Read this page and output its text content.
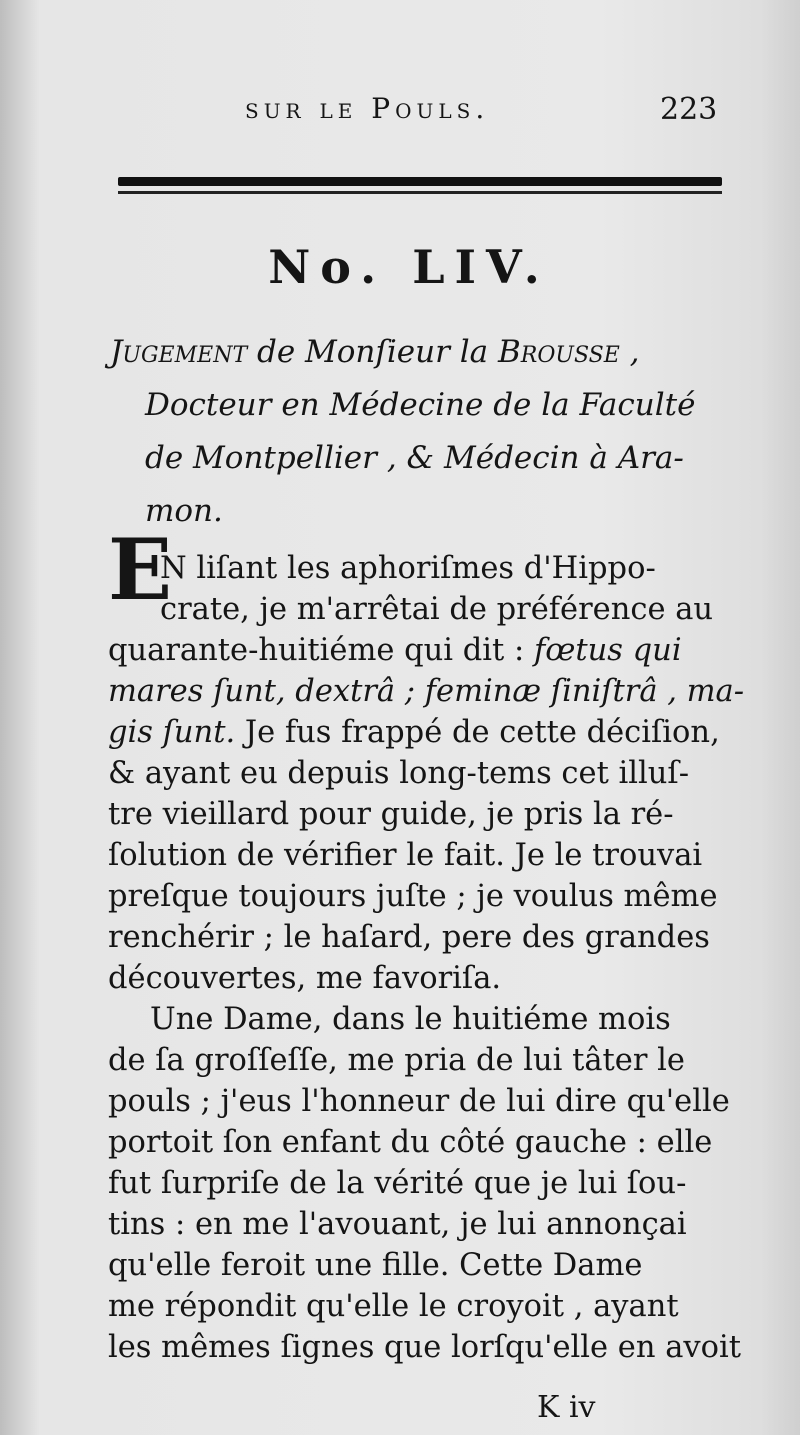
sur le Pouls.	223
No. LIV.
Jugement de Monſieur la Brousse ,
Docteur en Médecine de la Faculté
de Montpellier , & Médecin à Ara-
mon.
E
N liſant les aphoriſmes d'Hippo-
crate, je m'arrêtai de préférence au
quarante-huitiéme qui dit : fœtus qui
mares ſunt, dextrâ ; feminæ ſiniſtrâ , ma-
gis ſunt. Je fus frappé de cette déciſion,
& ayant eu depuis long-tems cet illuſ-
tre vieillard pour guide, je pris la ré-
ſolution de vérifier le fait. Je le trouvai
preſque toujours juſte ; je voulus même
renchérir ; le haſard, pere des grandes
découvertes, me favoriſa.
Une Dame, dans le huitiéme mois
de ſa groſſeſſe, me pria de lui tâter le
pouls ; j'eus l'honneur de lui dire qu'elle
portoit ſon enfant du côté gauche : elle
fut ſurpriſe de la vérité que je lui ſou-
tins : en me l'avouant, je lui annonçai
qu'elle feroit une fille. Cette Dame
me répondit qu'elle le croyoit , ayant
les mêmes ſignes que lorſqu'elle en avoit
K iv
